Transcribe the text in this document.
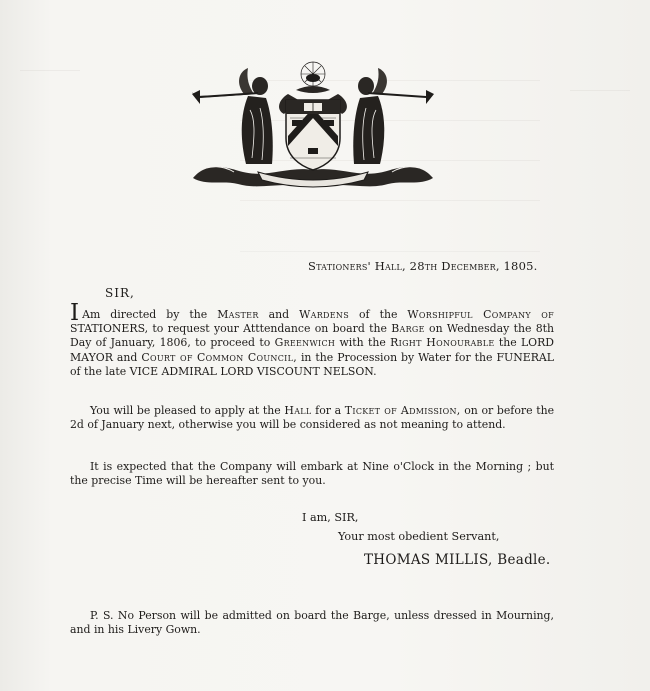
Stationers' Hall, 28th December, 1805.
SIR,

I Am directed by the Master and Wardens of the Worshipful Company of STATIONERS, to request your Atttendance on board the Barge on Wednesday the 8th Day of January, 1806, to proceed to Greenwich with the Right Honourable the LORD MAYOR and Court of Common Council, in the Procession by Water for the FUNERAL of the late VICE ADMIRAL LORD VISCOUNT NELSON.

You will be pleased to apply at the Hall for a Ticket of Admission, on or before the 2d of January next, otherwise you will be considered as not meaning to attend.

It is expected that the Company will embark at Nine o'Clock in the Morning ; but the precise Time will be hereafter sent to you.

I am, SIR,
Your most obedient Servant,
THOMAS MILLIS, Beadle.

P. S. No Person will be admitted on board the Barge, unless dressed in Mourning, and in his Livery Gown.
